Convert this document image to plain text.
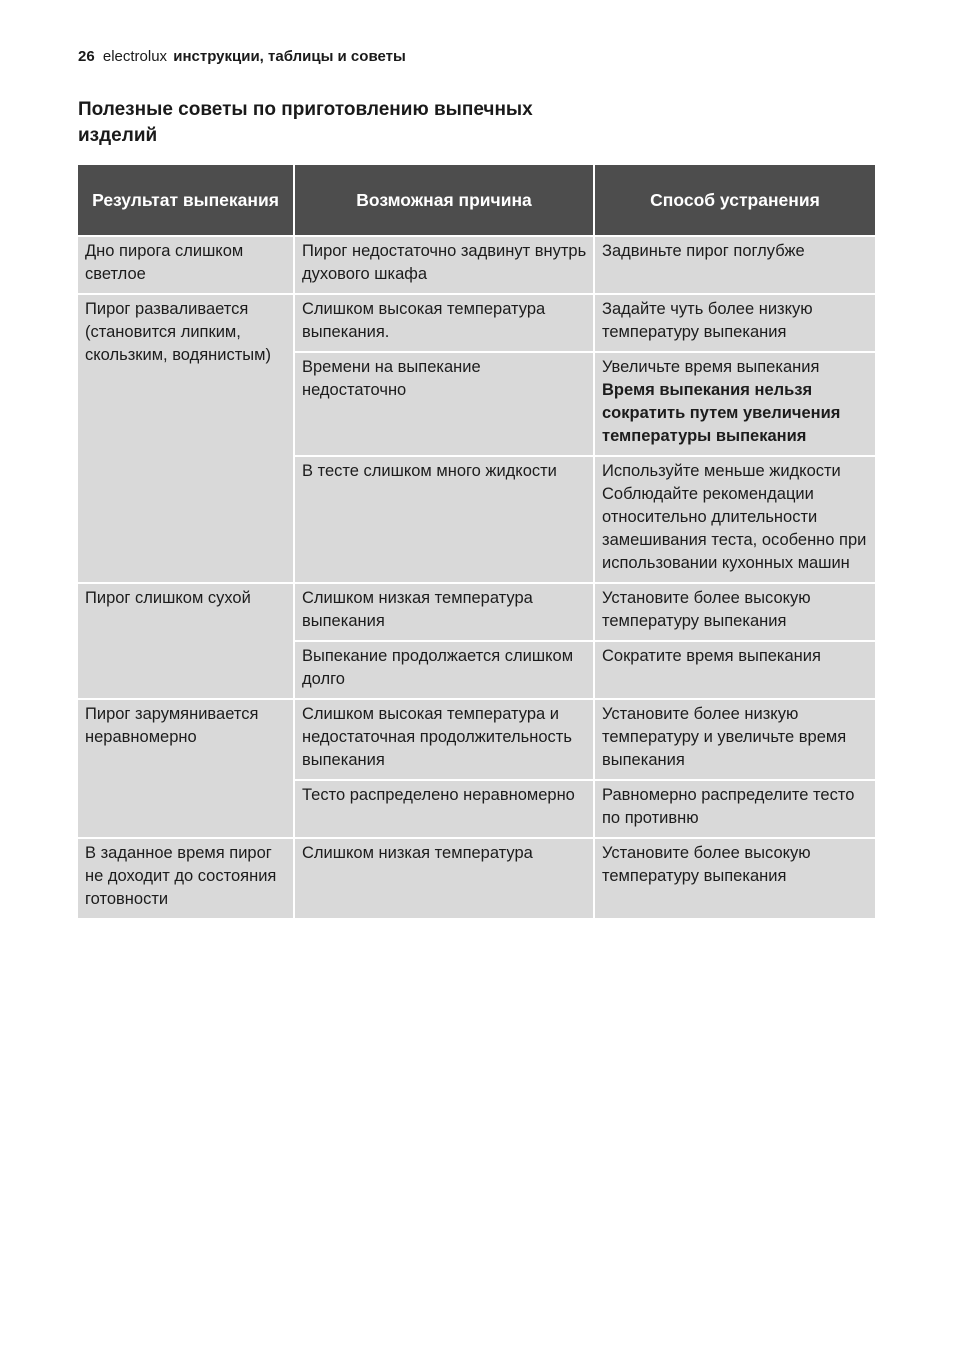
26 electrolux инструкции, таблицы и советы
Полезные советы по приготовлению выпечных изделий
Результат выпекания	Возможная причина	Способ устранения
Дно пирога слишком светлое	Пирог недостаточно задвинут внутрь духового шкафа	Задвиньте пирог поглубже

Пирог разваливается (становится липким, скользким, водянистым)	Слишком высокая температура выпекания.	Задайте чуть более низкую температуру выпекания

	Времени на выпекание недостаточно	Увеличьте время выпекания
Время выпекания нельзя сократить путем увеличения температуры выпекания

	В тесте слишком много жидкости	Используйте меньше жидкости
Соблюдайте рекомендации относительно длительности замешивания теста, особенно при использовании кухонных машин

Пирог слишком сухой	Слишком низкая температура выпекания	Установите более высокую температуру выпекания

	Выпекание продолжается слишком долго	Сократите время выпекания

Пирог зарумянивается неравномерно	Слишком высокая температура и недостаточная продолжительность выпекания	Установите более низкую температуру и увеличьте время выпекания

	Тесто распределено неравномерно	Равномерно распределите тесто по противню

В заданное время пирог не доходит до состояния готовности	Слишком низкая температура	Установите более высокую температуру выпекания
